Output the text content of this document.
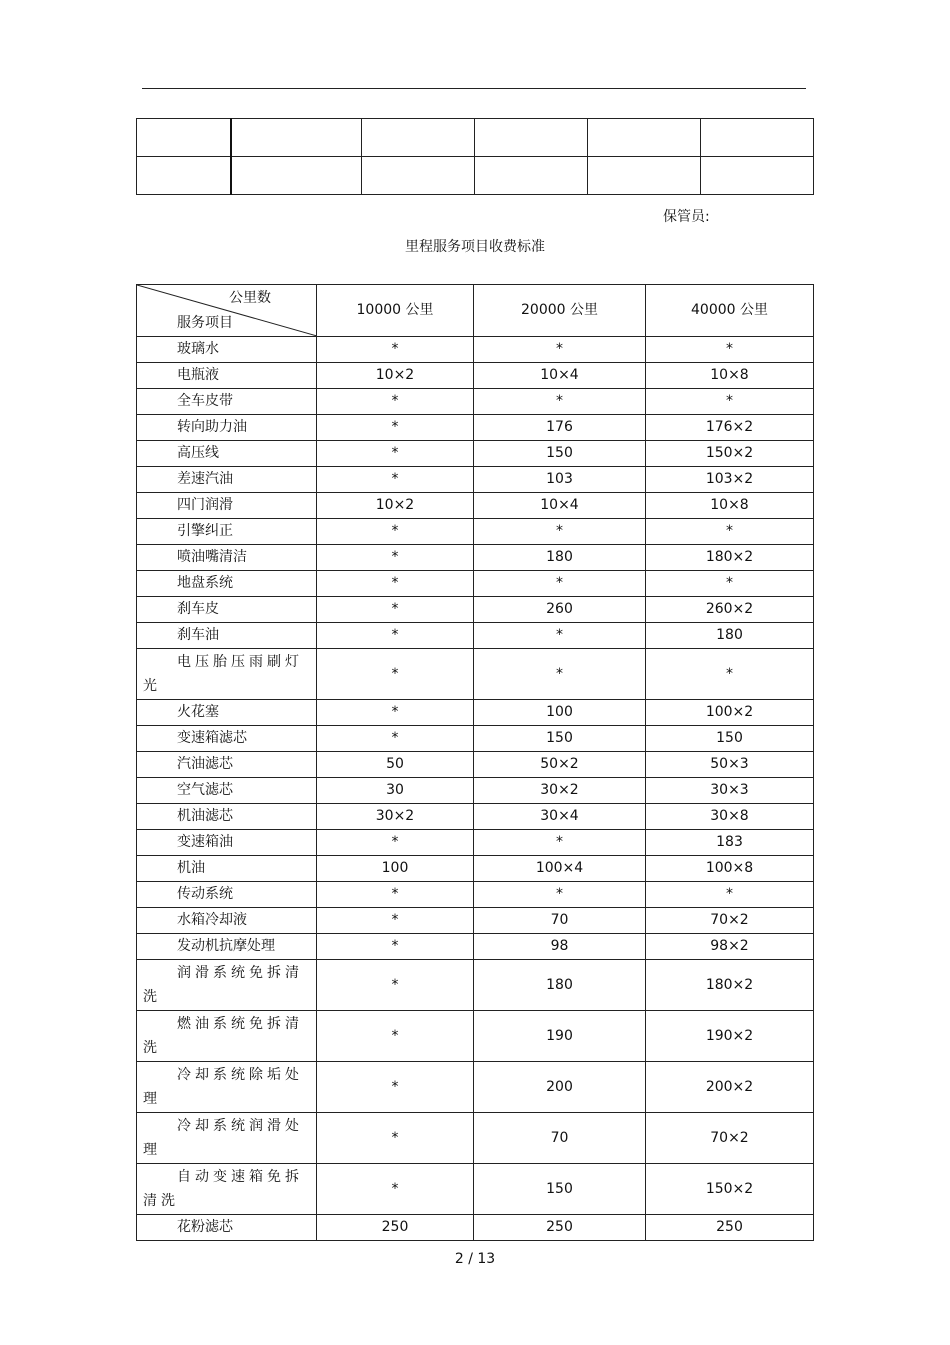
保管员:
里程服务项目收费标准
公里数
服务项目	10000 公里	20000 公里	40000 公里
玻璃水	*	*	*
电瓶液	10×2	10×4	10×8
全车皮带	*	*	*
转向助力油	*	176	176×2
高压线	*	150	150×2
差速汽油	*	103	103×2
四门润滑	10×2	10×4	10×8
引擎纠正	*	*	*
喷油嘴清洁	*	180	180×2
地盘系统	*	*	*
刹车皮	*	260	260×2
刹车油	*	*	180
电压胎压雨刷灯光	*	*	*
火花塞	*	100	100×2
变速箱滤芯	*	150	150
汽油滤芯	50	50×2	50×3
空气滤芯	30	30×2	30×3
机油滤芯	30×2	30×4	30×8
变速箱油	*	*	183
机油	100	100×4	100×8
传动系统	*	*	*
水箱冷却液	*	70	70×2
发动机抗摩处理	*	98	98×2
润滑系统免拆清洗	*	180	180×2
燃油系统免拆清洗	*	190	190×2
冷却系统除垢处理	*	200	200×2
冷却系统润滑处理	*	70	70×2
自动变速箱免拆清洗	*	150	150×2
花粉滤芯	250	250	250
2 / 13
